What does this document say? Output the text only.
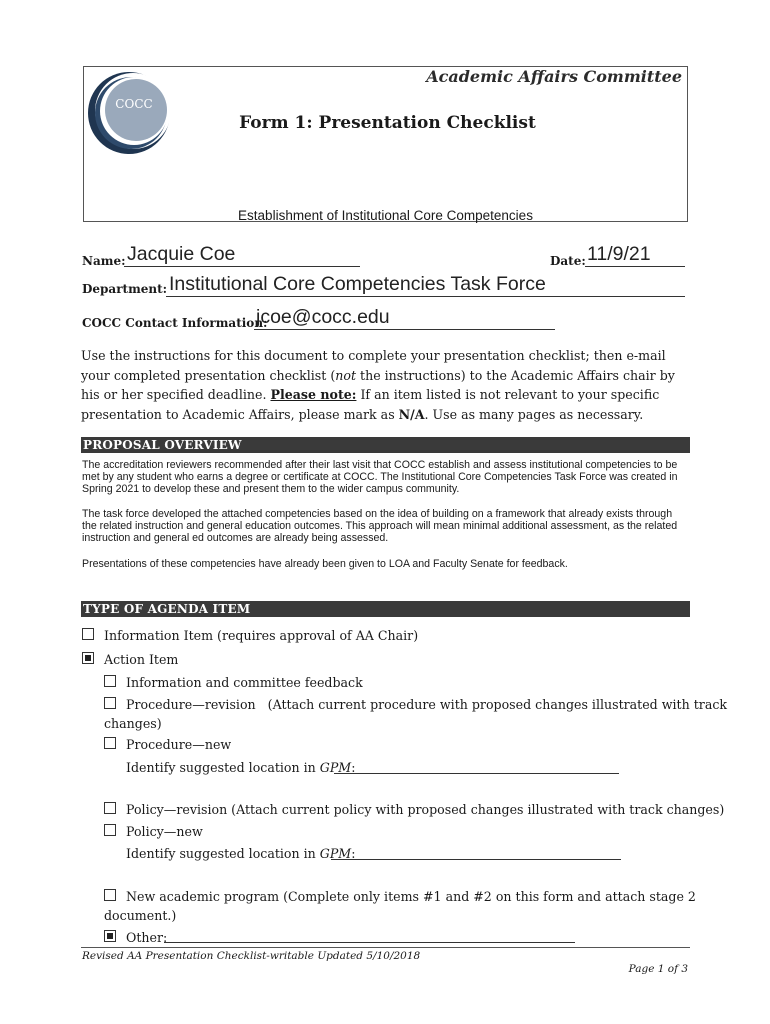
COCC
Academic Affairs Committee
Form 1: Presentation Checklist
Establishment of Institutional Core Competencies
Name: Jacquie Coe	Date: 11/9/21
Department: Institutional Core Competencies Task Force
COCC Contact Information:
jcoe@cocc.edu
Use the instructions for this document to complete your presentation checklist; then e-mail your completed presentation checklist (not the instructions) to the Academic Affairs chair by his or her specified deadline. Please note: If an item listed is not relevant to your specific presentation to Academic Affairs, please mark as N/A. Use as many pages as necessary.
PROPOSAL OVERVIEW
The accreditation reviewers recommended after their last visit that COCC establish and assess institutional competencies to be met by any student who earns a degree or certificate at COCC. The Institutional Core Competencies Task Force was created in Spring 2021 to develop these and present them to the wider campus community.
The task force developed the attached competencies based on the idea of building on a framework that already exists through the related instruction and general education outcomes. This approach will mean minimal additional assessment, as the related instruction and general ed outcomes are already being assessed.
Presentations of these competencies have already been given to LOA and Faculty Senate for feedback.
TYPE OF AGENDA ITEM
Information Item (requires approval of AA Chair)
Action Item
Information and committee feedback
Procedure—revision (Attach current procedure with proposed changes illustrated with track
changes)
Procedure—new
Identify suggested location in GPM:
Policy—revision (Attach current policy with proposed changes illustrated with track changes)
Policy—new
Identify suggested location in GPM:
New academic program (Complete only items #1 and #2 on this form and attach stage 2
document.)
Other:
Revised AA Presentation Checklist-writable Updated 5/10/2018
Page 1 of 3
